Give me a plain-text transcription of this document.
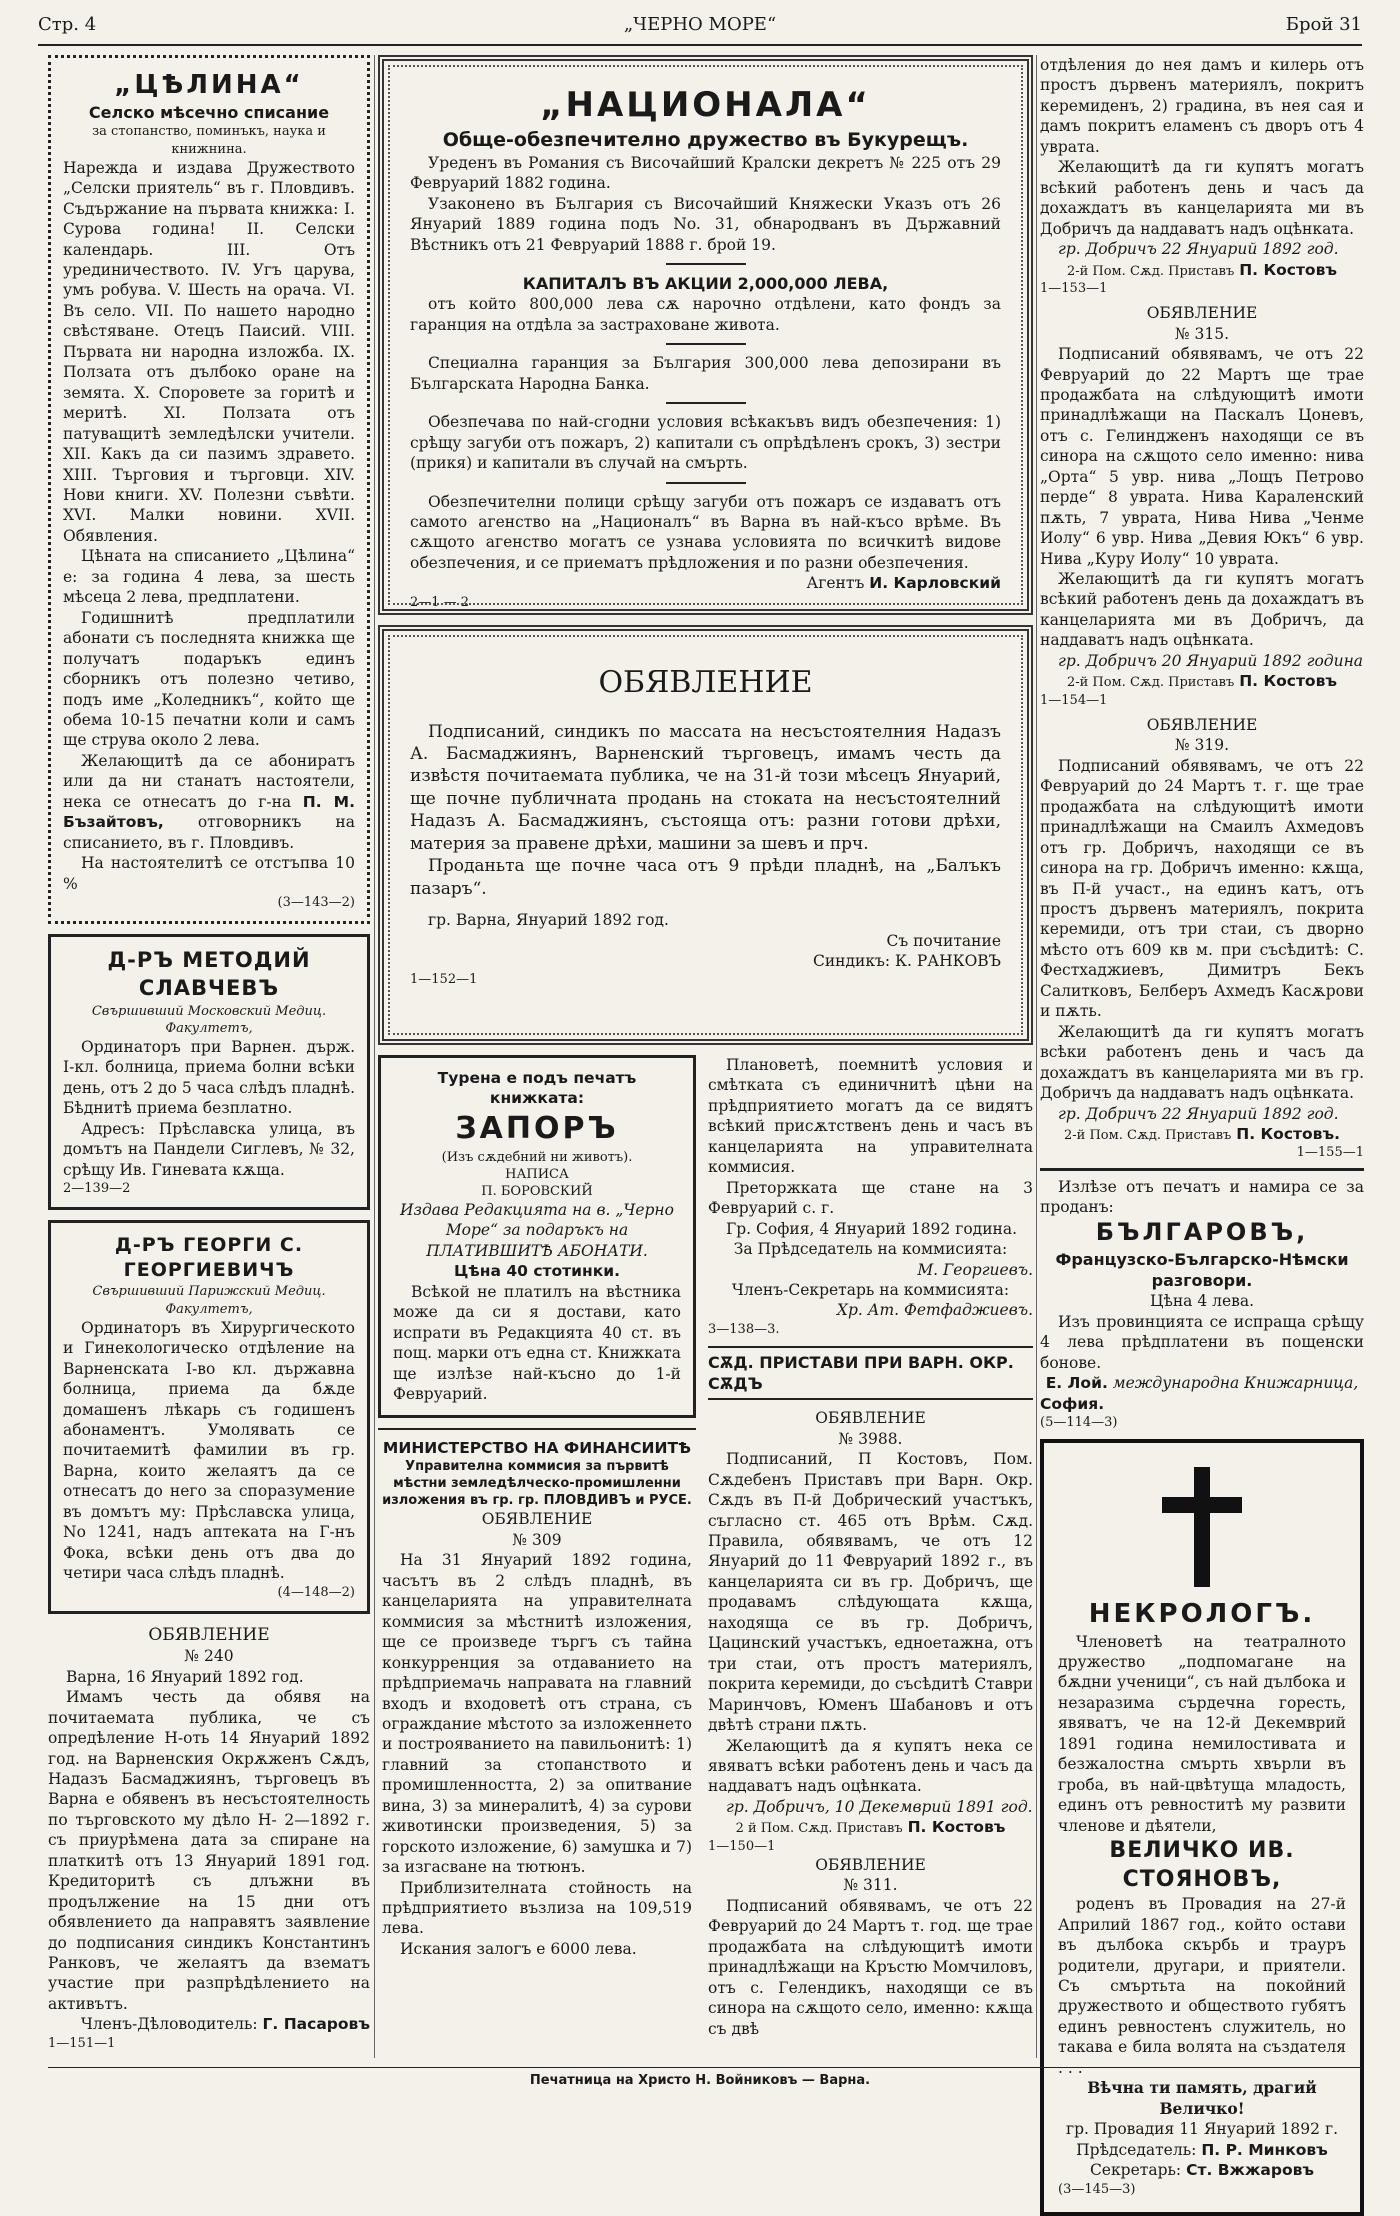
Стр. 4	„ЧЕРНО МОРЕ“	Брой 31
„ЦѢЛИНА“
Селско мѣсечно списание

за стопанство, поминъкъ, наука и книжнина.

Нарежда и издава Дружеството „Селски приятель“ въ г. Пловдивъ. Съдържание на първата книжка: I. Сурова година! II. Селски календарь. III. Отъ урединичеството. IV. Угъ царува, умъ робува. V. Шесть на орача. VI. Въ село. VII. По нашето народно свѣстяване. Отецъ Паисий. VIII. Първата ни народна изложба. IX. Ползата отъ дълбоко оране на земята. X. Споровете за горитѣ и меритѣ. XI. Ползата отъ патуващитѣ земледѣлски учители. XII. Какъ да си пазимъ здравето. XIII. Търговия и търговци. XIV. Нови книги. XV. Полезни съвѣти. XVI. Малки новини. XVII. Обявления.

Цѣната на списанието „Цѣлина“ е: за година 4 лева, за шесть мѣсеца 2 лева, предплатени.

Годишнитѣ предплатили абонати съ последнята книжка ще получатъ подаръкъ единъ сборникъ отъ полезно четиво, подъ име „Коледникъ“, който ще обема 10-15 печатни коли и самъ ще струва около 2 лева.

Желающитѣ да се абониратъ или да ни станатъ настоятели, нека се отнесатъ до г-на П. М. Бъзайтовъ, отговорникъ на списанието, въ г. Пловдивъ.

На настоятелитѣ се отстъпва 10 %

(3—143—2)
Д-РЪ МЕТОДИЙ СЛАВЧЕВЪ
Свършивший Московский Медиц. Факултетъ,

Ординаторъ при Варнен. държ. I-кл. болница, приема болни всѣки день, отъ 2 до 5 часа слѣдъ пладнѣ. Бѣднитѣ приема безплатно.

Адресъ: Прѣславска улица, въ домътъ на Пандели Сиглевъ, № 32, срѣщу Ив. Гиневата кѫща.

2—139—2
Д-РЪ ГЕОРГИ С. ГЕОРГИЕВИЧЪ
Свършивший Парижский Медиц. Факултетъ,

Ординаторъ въ Хирургическото и Гинекологическо отдѣление на Варненската I-во кл. държавна болница, приема да бѫде домашенъ лѣкарь съ годишенъ абонаментъ. Умолявать се почитаемитѣ фамилии въ гр. Варна, които желаятъ да се отнесатъ до него за споразумение въ домътъ му: Прѣславска улица, No 1241, надъ аптеката на Г-нъ Фока, всѣки день отъ два до четири часа слѣдъ пладнѣ.

(4—148—2)
ОБЯВЛЕНИЕ
№ 240

Варна, 16 Януарий 1892 год.

Имамъ честь да обявя на почитаемата публика, че съ опредѣление Н-оть 14 Януарий 1892 год. на Варненския Окрѫженъ Сѫдъ, Надазъ Басмаджиянъ, търговецъ въ Варна е обявенъ въ несъстоятелность по търговското му дѣло Н- 2—1892 г. съ приурѣмена дата за спиране на платкитѣ отъ 13 Януарий 1891 год. Кредиторитѣ съ длъжни въ продължение на 15 дни отъ обявлението да направятъ заявление до подписания синдикъ Константинъ Ранковъ, че желаятъ да взематъ участие при разпрѣдѣлението на активътъ.

Членъ-Дѣловодитель: Г. Пасаровъ
1—151—1
„НАЦИОНАЛА“
Обще-обезпечително дружество въ Букурещъ.

Уреденъ въ Романия съ Височайший Кралски декретъ № 225 отъ 29 Февруарий 1882 година.

Узаконено въ България съ Височайший Княжески Указъ отъ 26 Януарий 1889 година подъ No. 31, обнародванъ въ Държавний Вѣстникъ отъ 21 Февруарий 1888 г. брой 19.

КАПИТАЛЪ ВЪ АКЦИИ 2,000,000 ЛЕВА,

отъ който 800,000 лева сѫ нарочно отдѣлени, като фондъ за гаранция на отдѣла за застраховане живота.

Специална гаранция за България 300,000 лева депозирани въ Българската Народна Банка.

Обезпечава по най-сгодни условия всѣкакъвъ видъ обезпечения: 1) срѣщу загуби отъ пожаръ, 2) капитали съ опрѣдѣленъ срокъ, 3) зестри (прикя) и капитали въ случай на смърть.

Обезпечителни полици срѣщу загуби отъ пожаръ се издаватъ отъ самото агенство на „Националъ“ въ Варна въ най-късо врѣме. Въ сѫщото агенство могатъ се узнава условията по всичкитѣ видове обезпечения, и се приематъ прѣдложения и по разни обезпечения.

Агентъ И. Карловский
2—1 — 2
ОБЯВЛЕНИЕ

Подписаний, синдикъ по массата на несъстоятелния Надазъ А. Басмаджиянъ, Варненский търговецъ, имамъ честь да извѣстя почитаемата публика, че на 31-й този мѣсецъ Януарий, ще почне публичната продань на стоката на несъстоятелний Надазъ А. Басмаджиянъ, състояща отъ: разни готови дрѣхи, материя за правене дрѣхи, машини за шевъ и прч.

Проданьта ще почне часа отъ 9 прѣди пладнѣ, на „Балъкъ пазаръ“.

гр. Варна, Януарий 1892 год.

Съ почитание
Синдикъ: К. РАНКОВЪ
1—152—1
Турена е подъ печатъ книжката:
ЗАПОРЪ
(Изъ сѫдебний ни животъ).
НАПИСА
П. БОРОВСКИЙ

Издава Редакцията на в. „Черно Море“ за подаръкъ на ПЛАТИВШИТѢ АБОНАТИ.

Цѣна 40 стотинки.

Всѣкой не платилъ на вѣстника може да си я достави, като испрати въ Редакцията 40 ст. въ пощ. марки отъ една ст. Книжката ще излѣзе най-късно до 1-й Февруарий.

МИНИСТЕРСТВО НА ФИНАНСИИТѢ
Управителна коммисия за първитѣ мѣстни земледѣлческо-промишленни изложения въ гр. гр. ПЛОВДИВЪ и РУСЕ.
ОБЯВЛЕНИЕ
№ 309

На 31 Януарий 1892 година, часътъ въ 2 слѣдъ пладнѣ, въ канцеларията на управителната коммисия за мѣстнитѣ изложения, ще се произведе търгъ съ тайна конкурренция за отдаванието на прѣдприемачь направата на главний входъ и входоветѣ отъ страна, съ ограждание мѣстото за изложеннето и построяванието на павильонитѣ: 1) главний за стопанството и промишленността, 2) за опитвание вина, 3) за минералитѣ, 4) за сурови животински произведения, 5) за горското изложение, 6) замушка и 7) за изгасване на тютюнъ.

Приблизителната стойность на прѣдприятието възлиза на 109,519 лева.

Искания залогъ е 6000 лева.

Плановетѣ, поемнитѣ условия и смѣтката съ единичнитѣ цѣни на прѣдприятието могатъ да се видятъ всѣкий присѫтственъ день и часъ въ канцеларията на управителната коммисия.

Преторжката ще стане на 3 Февруарий с. г.

Гр. София, 4 Януарий 1892 година.

За Прѣдседатель на коммисията:
М. Георгиевъ.
Членъ-Секретарь на коммисията:
Хр. Ат. Фетфаджиевъ.
3—138—3.
СѪД. ПРИСТАВИ ПРИ ВАРН. ОКР. СѪДЪ
ОБЯВЛЕНИЕ
№ 3988.

Подписаний, П Костовъ, Пом. Сѫдебенъ Приставъ при Варн. Окр. Сѫдъ въ П-й Добрический участъкъ, съгласно ст. 465 отъ Врѣм. Сѫд. Правила, обявявамъ, че отъ 12 Януарий до 11 Февруарий 1892 г., въ канцеларията си въ гр. Добричъ, ще продавамъ слѣдующата кѫща, находяща се въ гр. Добричъ, Цацинский участъкъ, едноетажна, отъ три стаи, отъ простъ материялъ, покрита керемиди, до съсѣдитѣ Ставри Маринчовъ, Юменъ Шабановъ и отъ двѣтѣ страни пѫть.

Желающитѣ да я купятъ нека се явяватъ всѣки работенъ день и часъ да наддаватъ надъ оцѣнката.

гр. Добричъ, 10 Декемврий 1891 год.

2 й Пом. Сѫд. Приставъ П. Костовъ
1—150—1
ОБЯВЛЕНИЕ
№ 311.

Подписаний обявявамъ, че отъ 22 Февруарий до 24 Мартъ т. год. ще трае продажбата на слѣдующитѣ имоти принадлѣжащи на Кръстю Момчиловъ, отъ с. Гелендикъ, находящи се въ синора на сѫщото село, именно: кѫща съ двѣ

отдѣления до нея дамъ и килерь отъ простъ дървенъ материялъ, покритъ керемиденъ, 2) градина, въ нея сая и дамъ покритъ еламенъ съ дворъ отъ 4 уврата.

Желающитѣ да ги купятъ могатъ всѣкий работенъ день и часъ да дохаждатъ въ канцеларията ми въ Добричъ да наддаватъ надъ оцѣнката.

гр. Добричъ 22 Януарий 1892 год.

2-й Пом. Сѫд. Приставъ П. Костовъ
1—153—1
ОБЯВЛЕНИЕ
№ 315.

Подписаний обявявамъ, че отъ 22 Февруарий до 22 Мартъ ще трае продажбата на слѣдующитѣ имоти принадлѣжащи на Паскалъ Цоневъ, отъ с. Гелиндженъ находящи се въ синора на сѫщото село именно: нива „Орта“ 5 увр. нива „Лощъ Петрово перде“ 8 уврата. Нива Караленский пѫть, 7 уврата, Нива Нива „Ченме Иолу“ 6 увр. Нива „Девия Юкъ“ 6 увр. Нива „Куру Иолу“ 10 уврата.

Желающитѣ да ги купятъ могатъ всѣкий работенъ день да дохаждатъ въ канцеларията ми въ Добричъ, да наддаватъ надъ оцѣнката.

гр. Добричъ 20 Януарий 1892 година

2-й Пом. Сѫд. Приставъ П. Костовъ
1—154—1
ОБЯВЛЕНИЕ
№ 319.

Подписаний обявявамъ, че отъ 22 Февруарий до 24 Мартъ т. г. ще трае продажбата на слѣдующитѣ имоти принадлѣжащи на Смаилъ Ахмедовъ отъ гр. Добричъ, находящи се въ синора на гр. Добричъ именно: кѫща, въ П-й участ., на единъ катъ, отъ простъ дървенъ материялъ, покрита керемиди, отъ три стаи, съ дворно мѣсто отъ 609 кв м. при съсѣдитѣ: С. Фестхаджиевъ, Димитръ Бекъ Салитковъ, Белберъ Ахмедъ Касѫрови и пѫть.

Желающитѣ да ги купятъ могатъ всѣки работенъ день и часъ да дохаждатъ въ канцеларията ми въ гр. Добричъ да наддаватъ надъ оцѣнката.

гр. Добричъ 22 Януарий 1892 год.

2-й Пом. Сѫд. Приставъ П. Костовъ.
1—155—1

Излѣзе отъ печатъ и намира се за проданъ:

БЪЛГАРОВЪ,
Французско-Българско-Нѣмски разговори.
Цѣна 4 лева.

Изъ провинцията се испраща срѣщу 4 лева прѣдплатени въ пощенски бонове.

Е. Лой. международна Книжарница,
София.
(5—114—3)
НЕКРОЛОГЪ.

Членоветѣ на театралното дружество „подпомагане на бѫдни ученици“, съ най дълбока и незаразима сърдечна горесть, явяватъ, че на 12-й Декемврий 1891 година немилостивата и безжалостна смърть хвърли въ гроба, въ най-цвѣтуща младость, единъ отъ ревноститѣ му развити членове и дѣятели,

ВЕЛИЧКО ИВ. СТОЯНОВЪ,

роденъ въ Провадия на 27-й Априлий 1867 год., който остави въ дълбока скърбь и трауръ родители, другари, и приятели. Съ смъртьта на покойний дружеството и обществото губятъ единъ ревностенъ служитель, но такава е била волята на създателя . . .

Вѣчна ти память, драгий Величко!
гр. Провадия 11 Януарий 1892 г.
Прѣдседатель: П. Р. Минковъ
Секретарь: Ст. Вжжаровъ
(3—145—3)
Печатница на Христо Н. Войниковъ — Варна.
